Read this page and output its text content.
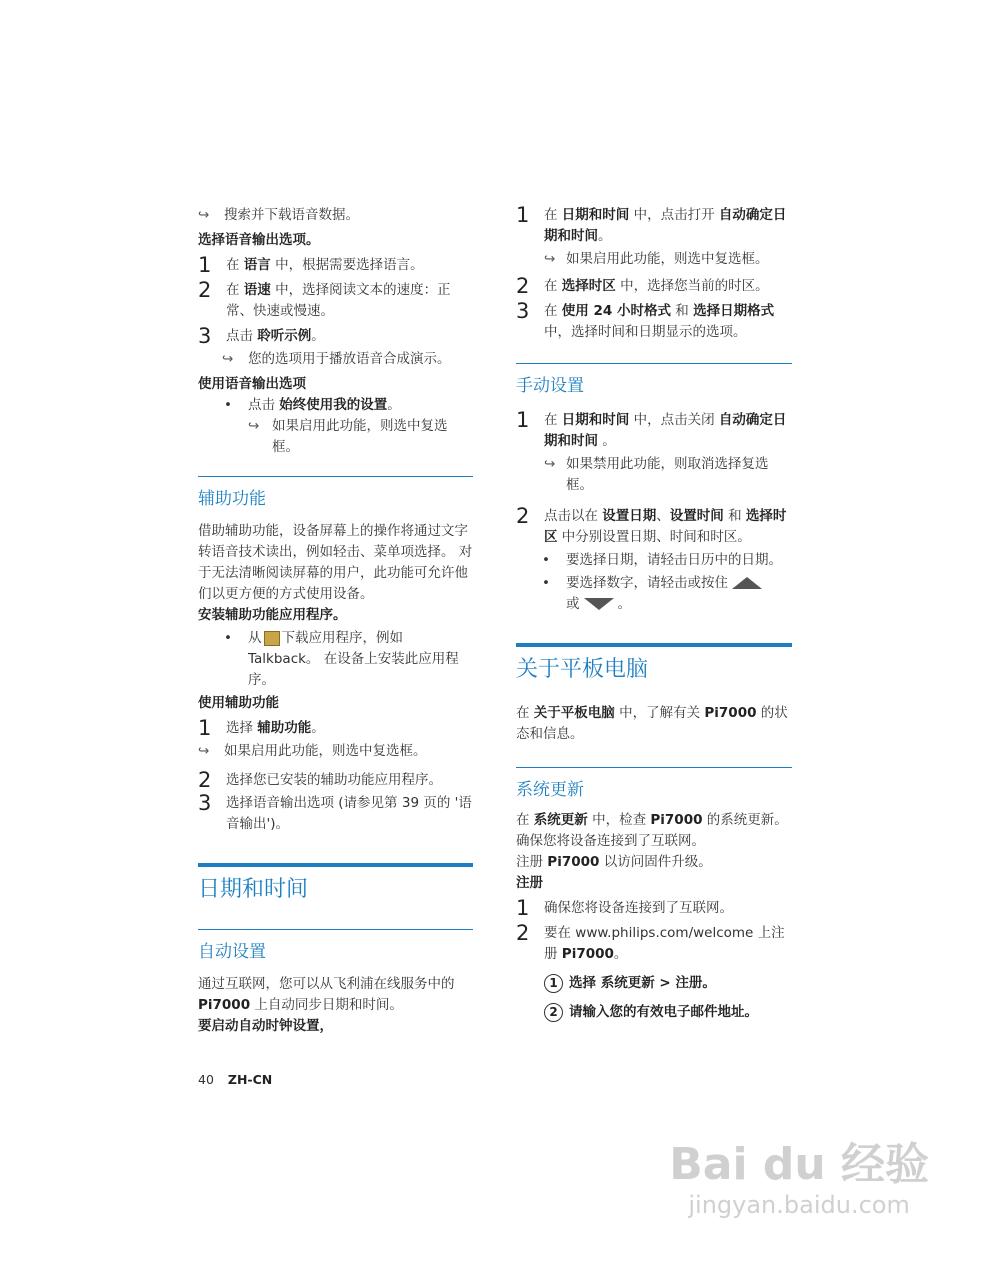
↪ 搜索并下载语音数据。

选择语音输出选项。

1 在 语言 中，根据需要选择语言。
2 在 语速 中，选择阅读文本的速度：正常、快速或慢速。
3 点击 聆听示例。

↪ 您的选项用于播放语音合成演示。

使用语音输出选项

• 点击 始终使用我的设置。

↪ 如果启用此功能，则选中复选框。

辅助功能

借助辅助功能，设备屏幕上的操作将通过文字转语音技术读出，例如轻击、菜单项选择。 对于无法清晰阅读屏幕的用户，此功能可允许他们以更方便的方式使用设备。

安装辅助功能应用程序。

• 从 下载应用程序，例如 Talkback。 在设备上安装此应用程序。

使用辅助功能

1 选择 辅助功能。

↪ 如果启用此功能，则选中复选框。

2 选择您已安装的辅助功能应用程序。
3 选择语音输出选项 (请参见第 39 页的 '语音输出')。

日期和时间

自动设置

通过互联网，您可以从飞利浦在线服务中的 Pi7000 上自动同步日期和时间。

要启动自动时钟设置，

1 在 日期和时间 中，点击打开 自动确定日期和时间。

↪ 如果启用此功能，则选中复选框。

2 在 选择时区 中，选择您当前的时区。
3 在 使用 24 小时格式 和 选择日期格式 中，选择时间和日期显示的选项。

手动设置

1 在 日期和时间 中，点击关闭 自动确定日期和时间 。

↪ 如果禁用此功能，则取消选择复选框。

2 点击以在 设置日期、设置时间 和 选择时区 中分别设置日期、时间和时区。

• 要选择日期，请轻击日历中的日期。

• 要选择数字，请轻击或按住
或	。

关于平板电脑

在 关于平板电脑 中，了解有关 Pi7000 的状态和信息。

系统更新

在 系统更新 中，检查 Pi7000 的系统更新。

确保您将设备连接到了互联网。

注册 Pi7000 以访问固件升级。

注册

1 确保您将设备连接到了互联网。
2 要在 www.philips.com/welcome 上注册 Pi7000。

1 选择 系统更新 > 注册。

2 请输入您的有效电子邮件地址。

40 ZH-CN
Bai du 经验
jingyan.baidu.com
